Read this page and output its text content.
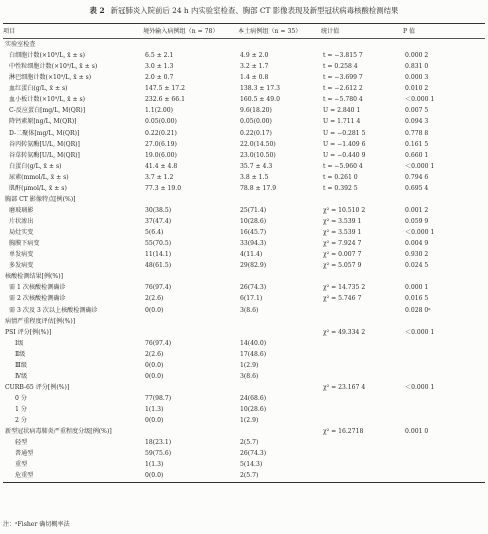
表 2 新冠肺炎入院前后 24 h 内实验室检查、胸部 CT 影像表现及新型冠状病毒核酸检测结果
项目	境外输入病例组（n = 78）	本土病例组（n = 35）	统计值	P 值
实验室检查				
白细胞计数(×10⁹/L, x̄ ± s)	6.5 ± 2.1	4.9 ± 2.0	t = −3.815 7	0.000 2
中性粒细胞计数(×10⁹/L, x̄ ± s)	3.0 ± 1.3	3.2 ± 1.7	t = 0.258 4	0.831 0
淋巴细胞计数(×10⁹/L, x̄ ± s)	2.0 ± 0.7	1.4 ± 0.8	t = −3.699 7	0.000 3
血红蛋白(g/L, x̄ ± s)	147.5 ± 17.2	138.3 ± 17.3	t = −2.612 2	0.010 2
血小板计数(×10⁹/L, x̄ ± s)	232.6 ± 66.1	160.5 ± 49.0	t = −5.780 4	＜0.000 1
C-反应蛋白[mg/L, M(QR)]	1.1(2.00)	9.6(18.20)	U = 2.840 1	0.007 5
降钙素原[ng/L, M(QR)]	0.05(0.00)	0.05(0.00)	U = 1.711 4	0.094 3
D-二聚体[mg/L, M(QR)]	0.22(0.21)	0.22(0.17)	U = −0.281 5	0.778 8
谷丙转氨酶[U/L, M(QR)]	27.0(6.19)	22.0(14.50)	U = −1.409 6	0.161 5
谷草转氨酶[U/L, M(QR)]	19.0(6.00)	23.0(10.50)	U = −0.440 9	0.660 1
白蛋白(g/L, x̄ ± s)	41.4 ± 4.8	35.7 ± 4.3	t = −5.960 4	＜0.000 1
尿素(mmol/L, x̄ ± s)	3.7 ± 1.2	3.8 ± 1.5	t = 0.261 0	0.794 6
肌酐(μmol/L, x̄ ± s)	77.3 ± 19.0	78.8 ± 17.9	t = 0.392 5	0.695 4
胸部 CT 影像特点[例(%)]				
磨玻璃影	30(38.5)	25(71.4)	χ² = 10.510 2	0.001 2
片状渗出	37(47.4)	10(28.6)	χ² = 3.539 1	0.059 9
局灶实变	5(6.4)	16(45.7)	χ² = 3.539 1	＜0.000 1
胸膜下病变	55(70.5)	33(94.3)	χ² = 7.924 7	0.004 9
单发病变	11(14.1)	4(11.4)	χ² = 0.007 7	0.930 2
多发病变	48(61.5)	29(82.9)	χ² = 5.057 9	0.024 5
核酸检测结果[例(%)]				
需 1 次核酸检测确诊	76(97.4)	26(74.3)	χ² = 14.735 2	0.000 1
需 2 次核酸检测确诊	2(2.6)	6(17.1)	χ² = 5.746 7	0.016 5
需 3 次及 3 次以上核酸检测确诊	0(0.0)	3(8.6)		0.028 0ᵃ
病情严重程度评估[例(%)]				
PSI 评分[例(%)]			χ² = 49.334 2	＜0.000 1
Ⅰ级	76(97.4)	14(40.0)		
Ⅱ级	2(2.6)	17(48.6)		
Ⅲ级	0(0.0)	1(2.9)		
Ⅳ级	0(0.0)	3(8.6)		
CURB-65 评分[例(%)]			χ² = 23.167 4	＜0.000 1
0 分	77(98.7)	24(68.6)		
1 分	1(1.3)	10(28.6)		
2 分	0(0.0)	1(2.9)		
新型冠状病毒肺炎严重程度分级[例(%)]			χ² = 16.2718	0.001 0
轻型	18(23.1)	2(5.7)		
普通型	59(75.6)	26(74.3)		
重型	1(1.3)	5(14.3)		
危重型	0(0.0)	2(5.7)		
注：ᵃFisher 确切概率法
